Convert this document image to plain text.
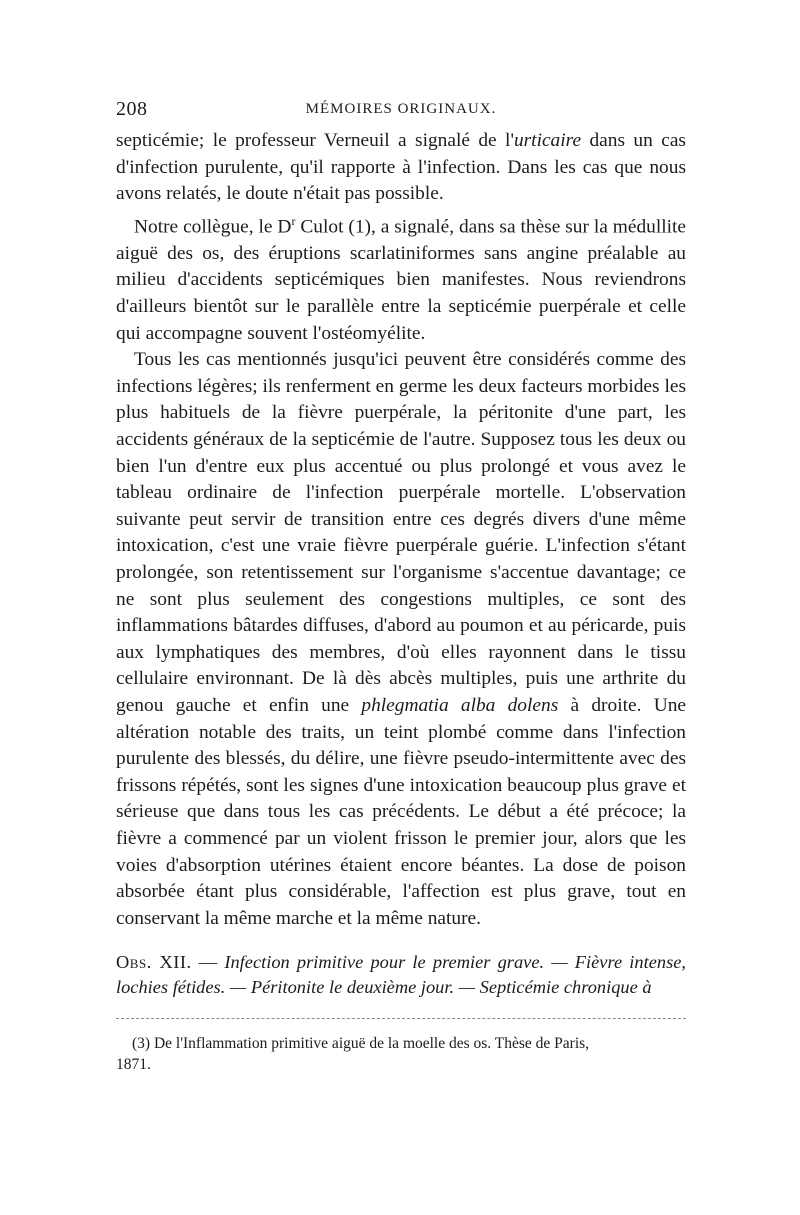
208	MÉMOIRES ORIGINAUX.

septicémie; le professeur Verneuil a signalé de l'urticaire dans un cas d'infection purulente, qu'il rapporte à l'infection. Dans les cas que nous avons relatés, le doute n'était pas possible.

Notre collègue, le $D^r$ Culot (1), a signalé, dans sa thèse sur la médullite aiguë des os, des éruptions scarlatiniformes sans angine préalable au milieu d'accidents septicémiques bien manifestes. Nous reviendrons d'ailleurs bientôt sur le parallèle entre la septicémie puerpérale et celle qui accompagne souvent l'ostéomyélite.

Tous les cas mentionnés jusqu'ici peuvent être considérés comme des infections légères; ils renferment en germe les deux facteurs morbides les plus habituels de la fièvre puerpérale, la péritonite d'une part, les accidents généraux de la septicémie de l'autre. Supposez tous les deux ou bien l'un d'entre eux plus accentué ou plus prolongé et vous avez le tableau ordinaire de l'infection puerpérale mortelle. L'observation suivante peut servir de transition entre ces degrés divers d'une même intoxication, c'est une vraie fièvre puerpérale guérie. L'infection s'étant prolongée, son retentissement sur l'organisme s'accentue davantage; ce ne sont plus seulement des congestions multiples, ce sont des inflammations bâtardes diffuses, d'abord au poumon et au péricarde, puis aux lymphatiques des membres, d'où elles rayonnent dans le tissu cellulaire environnant. De là dès abcès multiples, puis une arthrite du genou gauche et enfin une phlegmatia alba dolens à droite. Une altération notable des traits, un teint plombé comme dans l'infection purulente des blessés, du délire, une fièvre pseudo-intermittente avec des frissons répétés, sont les signes d'une intoxication beaucoup plus grave et sérieuse que dans tous les cas précédents. Le début a été précoce; la fièvre a commencé par un violent frisson le premier jour, alors que les voies d'absorption utérines étaient encore béantes. La dose de poison absorbée étant plus considérable, l'affection est plus grave, tout en conservant la même marche et la même nature.

Obs. XII. — Infection primitive pour le premier grave. — Fièvre intense, lochies fétides. — Péritonite le deuxième jour. — Septicémie chronique à
(3) De l'Inflammation primitive aiguë de la moelle des os. Thèse de Paris,
1871.
